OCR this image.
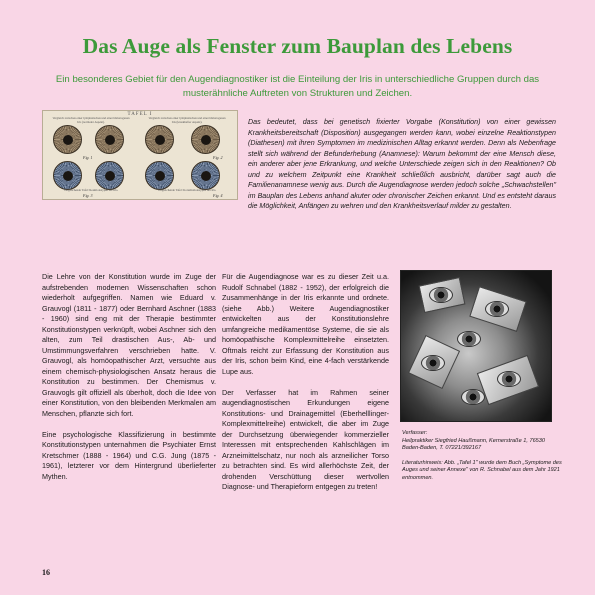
Das Auge als Fenster zum Bauplan des Lebens
Ein besonderes Gebiet für den Augendiagnostiker ist die Einteilung der Iris in unterschiedliche Gruppen durch das musterähnliche Auftreten von Strukturen und Zeichen.
TAFEL I
Vergleich zwischen einer lymphatischen und einer hämatogenen Iris (normaler Aspekt).
Vergleich zwischen einer lymphatischen und einer hämatogenen Iris (krankhafter Aspekt).
Fig. 1	Fig. 2
Vergleichende Tafel: Reaktionstypen der Iris.	Vergleichende Tafel: Konstitutionstypen der Iris.
Fig. 3	Fig. 4
Das bedeutet, dass bei genetisch fixierter Vorgabe (Konstitution) von einer gewissen Krankheitsbereitschaft (Disposition) ausgegangen werden kann, wobei einzelne Reaktionstypen (Diathesen) mit ihren Symptomen im medizinischen Alltag erkannt werden. Denn als Nebenfrage stellt sich während der Befunderhebung (Anamnese): Warum bekommt der eine Mensch diese, ein anderer aber jene Erkrankung, und welche Unterschiede zeigen sich in den Reaktionen? Ob und zu welchem Zeitpunkt eine Krankheit schließlich ausbricht, darüber sagt auch die Familienanamnese wenig aus. Durch die Augendiagnose werden jedoch solche „Schwachstellen" im Bauplan des Lebens anhand akuter oder chronischer Zeichen erkannt. Und es entsteht daraus die Möglichkeit, Anfängen zu wehren und den Krankheitsverlauf milder zu gestalten.

Die Lehre von der Konstitution wurde im Zuge der aufstrebenden modernen Wissenschaften schon wiederholt aufgegriffen. Namen wie Eduard v. Grauvogl (1811 - 1877) oder Bernhard Aschner (1883 - 1960) sind eng mit der Therapie bestimmter Konstitutionstypen verknüpft, wobei Aschner sich den alten, zum Teil drastischen Aus-, Ab- und Umstimmungsverfahren verschrieben hatte. V. Grauvogl, als homöopathischer Arzt, versuchte aus einem chemisch-physiologischen Ansatz heraus die Konstitution zu bestimmen. Der Chemismus v. Grauvogls gilt offiziell als überholt, doch die Idee von einer Konstitution, von den bleibenden Merkmalen am Menschen, pflanzte sich fort.

Eine psychologische Klassifizierung in bestimmte Konstitutionstypen unternahmen die Psychiater Ernst Kretschmer (1888 - 1964) und C.G. Jung (1875 - 1961), letzterer vor dem Hintergrund überlieferter Mythen.

Für die Augendiagnose war es zu dieser Zeit u.a. Rudolf Schnabel (1882 - 1952), der erfolgreich die Zusammenhänge in der Iris erkannte und ordnete. (siehe Abb.) Weitere Augendiagnostiker entwickelten aus der Konstitutionslehre umfangreiche medikamentöse Systeme, die sie als homöopathische Komplexmittelreihe einsetzten. Oftmals reicht zur Erfassung der Konstitution aus der Iris, schon beim Kind, eine 4-fach verstärkende Lupe aus.

Der Verfasser hat im Rahmen seiner augendiagnostischen Erkundungen eigene Konstitutions- und Drainagemittel (Eberhelllinger-Komplexmittelreihe) entwickelt, die aber im Zuge der Durchsetzung überwiegender kommerzieller Interessen mit entsprechenden Kahlschlägen im Arzneimittelschatz, nur noch als arzneilicher Torso zu betrachten sind. Es wird allerhöchste Zeit, der drohenden Verschüttung dieser wertvollen Diagnose- und Therapieform entgegen zu treten!

Verfasser:
Heilpraktiker Siegfried Haußmann, Kernerstraße 1, 76530 Baden-Baden, T. 07221/392167

Literaturhinweis: Abb. „Tafel 1" wurde dem Buch „Symptome des Auges und seiner Annexe" von R. Schnabel aus dem Jahr 1921 entnommen.

16
